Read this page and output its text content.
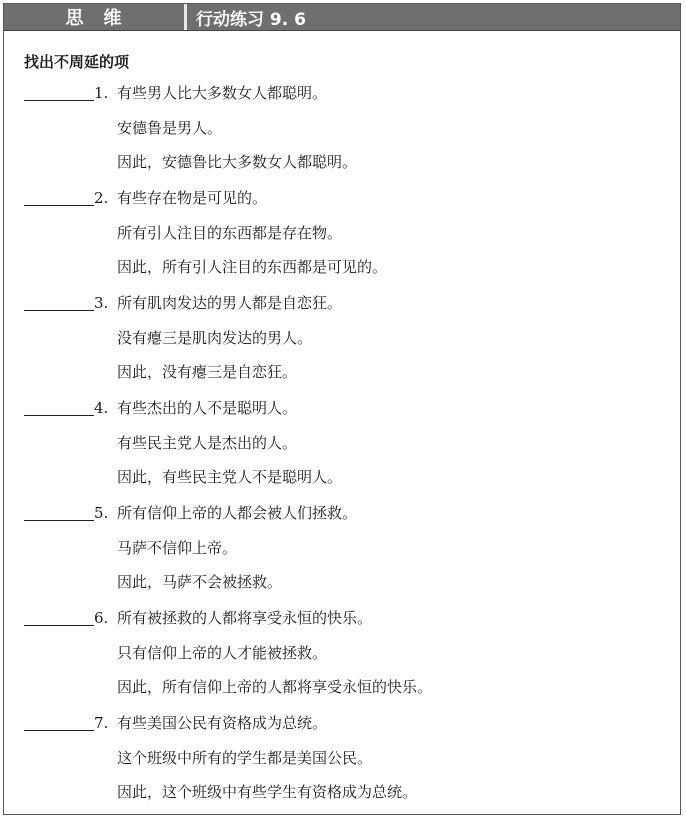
思　维	行动练习 9. 6
找出不周延的项
1. 有些男人比大多数女人都聪明。
安德鲁是男人。
因此，安德鲁比大多数女人都聪明。
2. 有些存在物是可见的。
所有引人注目的东西都是存在物。
因此，所有引人注目的东西都是可见的。
3. 所有肌肉发达的男人都是自恋狂。
没有瘪三是肌肉发达的男人。
因此，没有瘪三是自恋狂。
4. 有些杰出的人不是聪明人。
有些民主党人是杰出的人。
因此，有些民主党人不是聪明人。
5. 所有信仰上帝的人都会被人们拯救。
马萨不信仰上帝。
因此，马萨不会被拯救。
6. 所有被拯救的人都将享受永恒的快乐。
只有信仰上帝的人才能被拯救。
因此，所有信仰上帝的人都将享受永恒的快乐。
7. 有些美国公民有资格成为总统。
这个班级中所有的学生都是美国公民。
因此，这个班级中有些学生有资格成为总统。
